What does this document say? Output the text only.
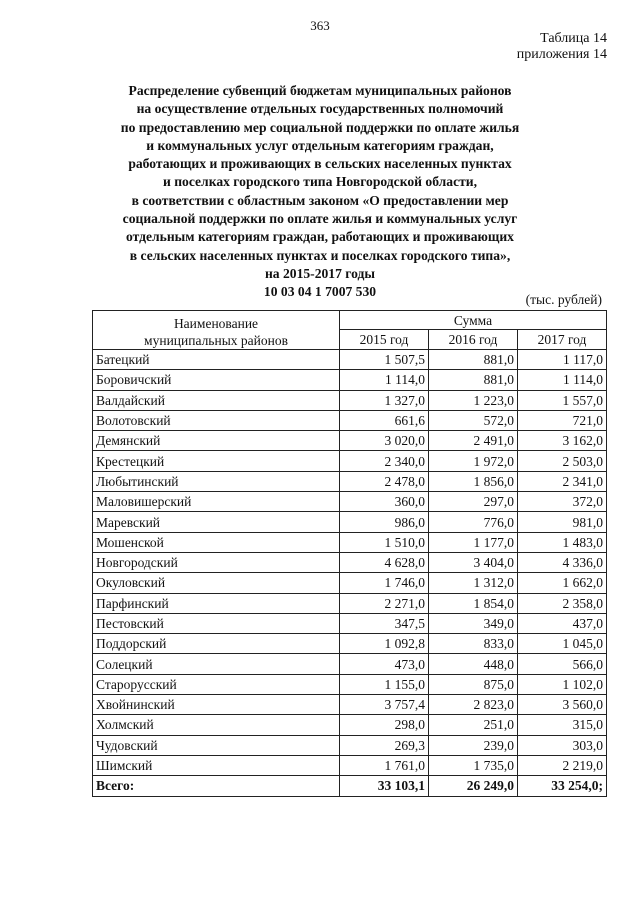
363
Таблица 14
приложения 14
Распределение субвенций бюджетам муниципальных районов
на осуществление отдельных государственных полномочий
по предоставлению мер социальной поддержки по оплате жилья
и коммунальных услуг отдельным категориям граждан,
работающих и проживающих в сельских населенных пунктах
и поселках городского типа Новгородской области,
в соответствии с областным законом «О предоставлении мер
социальной поддержки по оплате жилья и коммунальных услуг
отдельным категориям граждан, работающих и проживающих
в сельских населенных пунктах и поселках городского типа»,
на 2015-2017 годы
10 03 04 1 7007 530
(тыс. рублей)
Наименование
муниципальных районов	Сумма		
	2015 год	2016 год	2017 год
Батецкий	1 507,5	881,0	1 117,0
Боровичский	1 114,0	881,0	1 114,0
Валдайский	1 327,0	1 223,0	1 557,0
Волотовский	661,6	572,0	721,0
Демянский	3 020,0	2 491,0	3 162,0
Крестецкий	2 340,0	1 972,0	2 503,0
Любытинский	2 478,0	1 856,0	2 341,0
Маловишерский	360,0	297,0	372,0
Маревский	986,0	776,0	981,0
Мошенской	1 510,0	1 177,0	1 483,0
Новгородский	4 628,0	3 404,0	4 336,0
Окуловский	1 746,0	1 312,0	1 662,0
Парфинский	2 271,0	1 854,0	2 358,0
Пестовский	347,5	349,0	437,0
Поддорский	1 092,8	833,0	1 045,0
Солецкий	473,0	448,0	566,0
Старорусский	1 155,0	875,0	1 102,0
Хвойнинский	3 757,4	2 823,0	3 560,0
Холмский	298,0	251,0	315,0
Чудовский	269,3	239,0	303,0
Шимский	1 761,0	1 735,0	2 219,0
Всего:	33 103,1	26 249,0	33 254,0;
